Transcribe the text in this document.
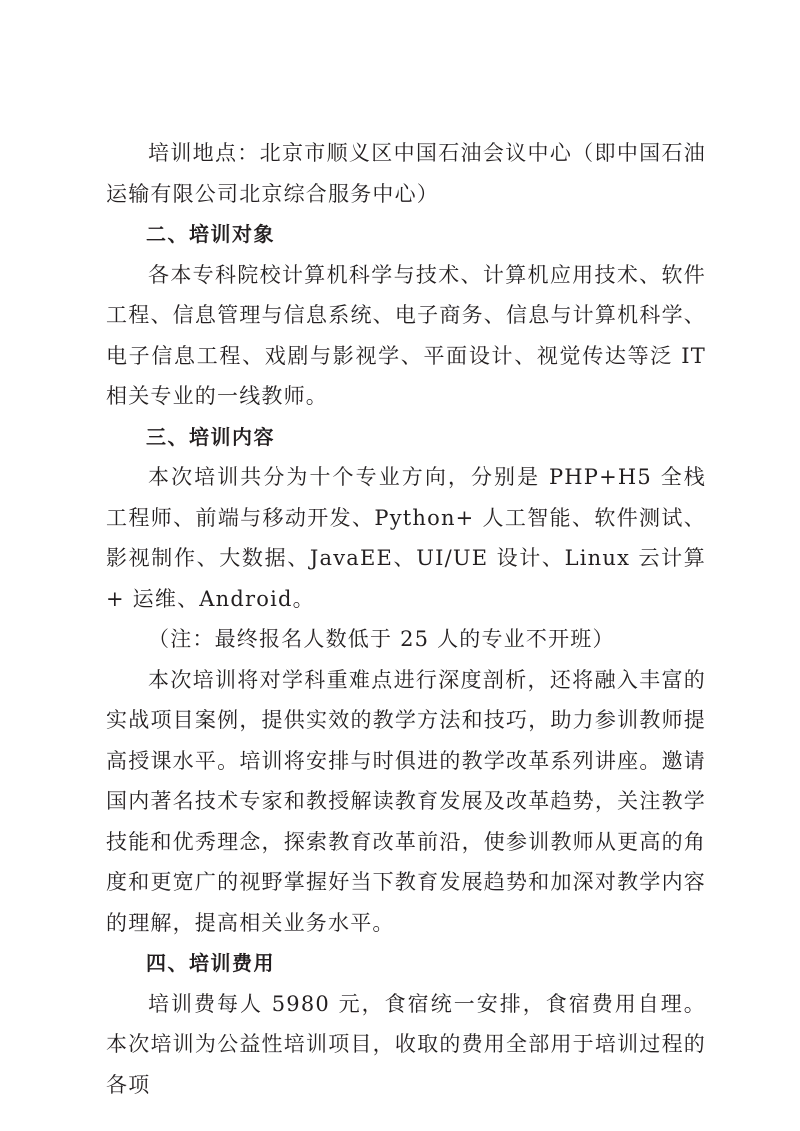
培训地点：北京市顺义区中国石油会议中心（即中国石油运输有限公司北京综合服务中心）

二、培训对象

各本专科院校计算机科学与技术、计算机应用技术、软件工程、信息管理与信息系统、电子商务、信息与计算机科学、电子信息工程、戏剧与影视学、平面设计、视觉传达等泛 IT 相关专业的一线教师。

三、培训内容

本次培训共分为十个专业方向，分别是 PHP+H5 全栈工程师、前端与移动开发、Python+ 人工智能、软件测试、影视制作、大数据、JavaEE、UI/UE 设计、Linux 云计算 + 运维、Android。

（注：最终报名人数低于 25 人的专业不开班）

本次培训将对学科重难点进行深度剖析，还将融入丰富的实战项目案例，提供实效的教学方法和技巧，助力参训教师提高授课水平。培训将安排与时俱进的教学改革系列讲座。邀请国内著名技术专家和教授解读教育发展及改革趋势，关注教学技能和优秀理念，探索教育改革前沿，使参训教师从更高的角度和更宽广的视野掌握好当下教育发展趋势和加深对教学内容的理解，提高相关业务水平。

四、培训费用

培训费每人 5980 元，食宿统一安排，食宿费用自理。本次培训为公益性培训项目，收取的费用全部用于培训过程的各项
